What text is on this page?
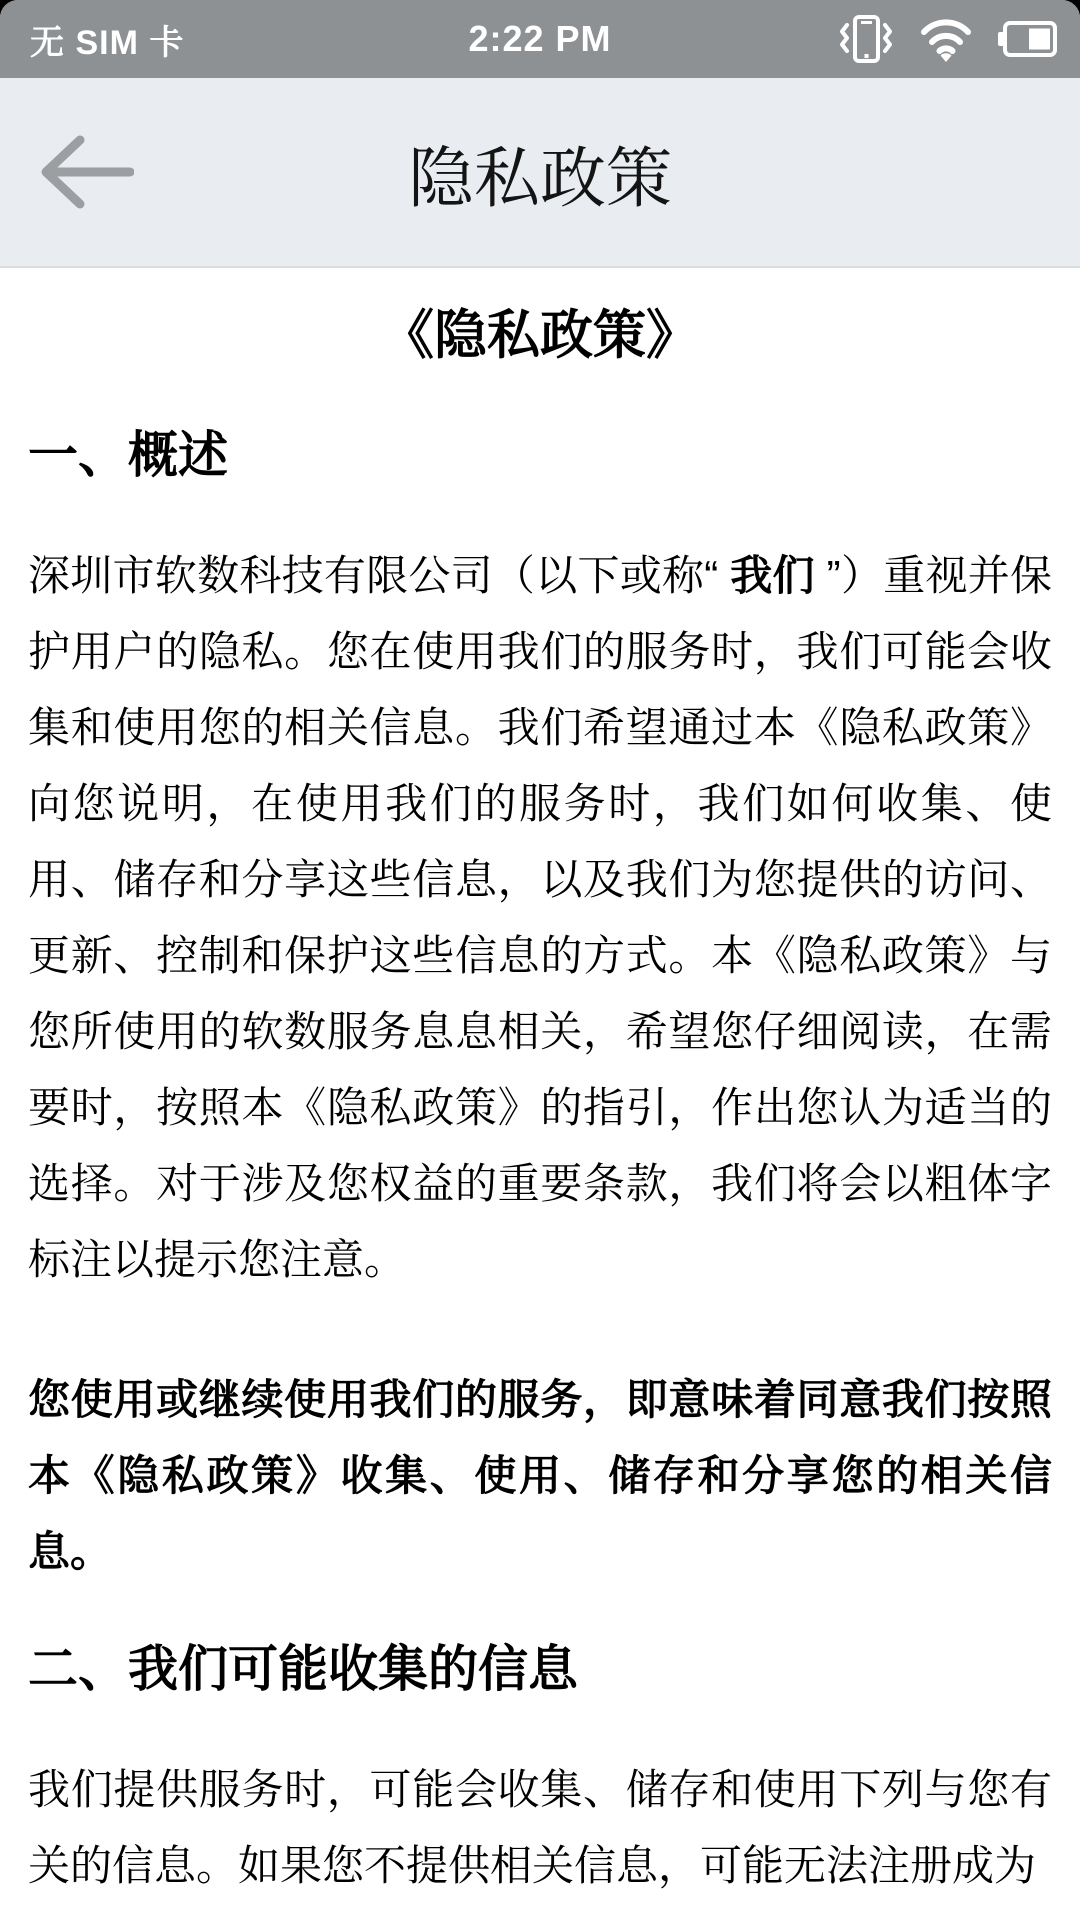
无 SIM 卡	2:22 PM
隐私政策
《隐私政策》
一、概述

深圳市软数科技有限公司（以下或称“ 我们 ”）重视并保护用户的隐私。您在使用我们的服务时，我们可能会收集和使用您的相关信息。我们希望通过本《隐私政策》向您说明，在使用我们的服务时，我们如何收集、使用、储存和分享这些信息，以及我们为您提供的访问、更新、控制和保护这些信息的方式。本《隐私政策》与您所使用的软数服务息息相关，希望您仔细阅读，在需要时，按照本《隐私政策》的指引，作出您认为适当的选择。对于涉及您权益的重要条款，我们将会以粗体字标注以提示您注意。

您使用或继续使用我们的服务，即意味着同意我们按照本《隐私政策》收集、使用、储存和分享您的相关信息。

二、我们可能收集的信息

我们提供服务时，可能会收集、储存和使用下列与您有关的信息。如果您不提供相关信息，可能无法注册成为
